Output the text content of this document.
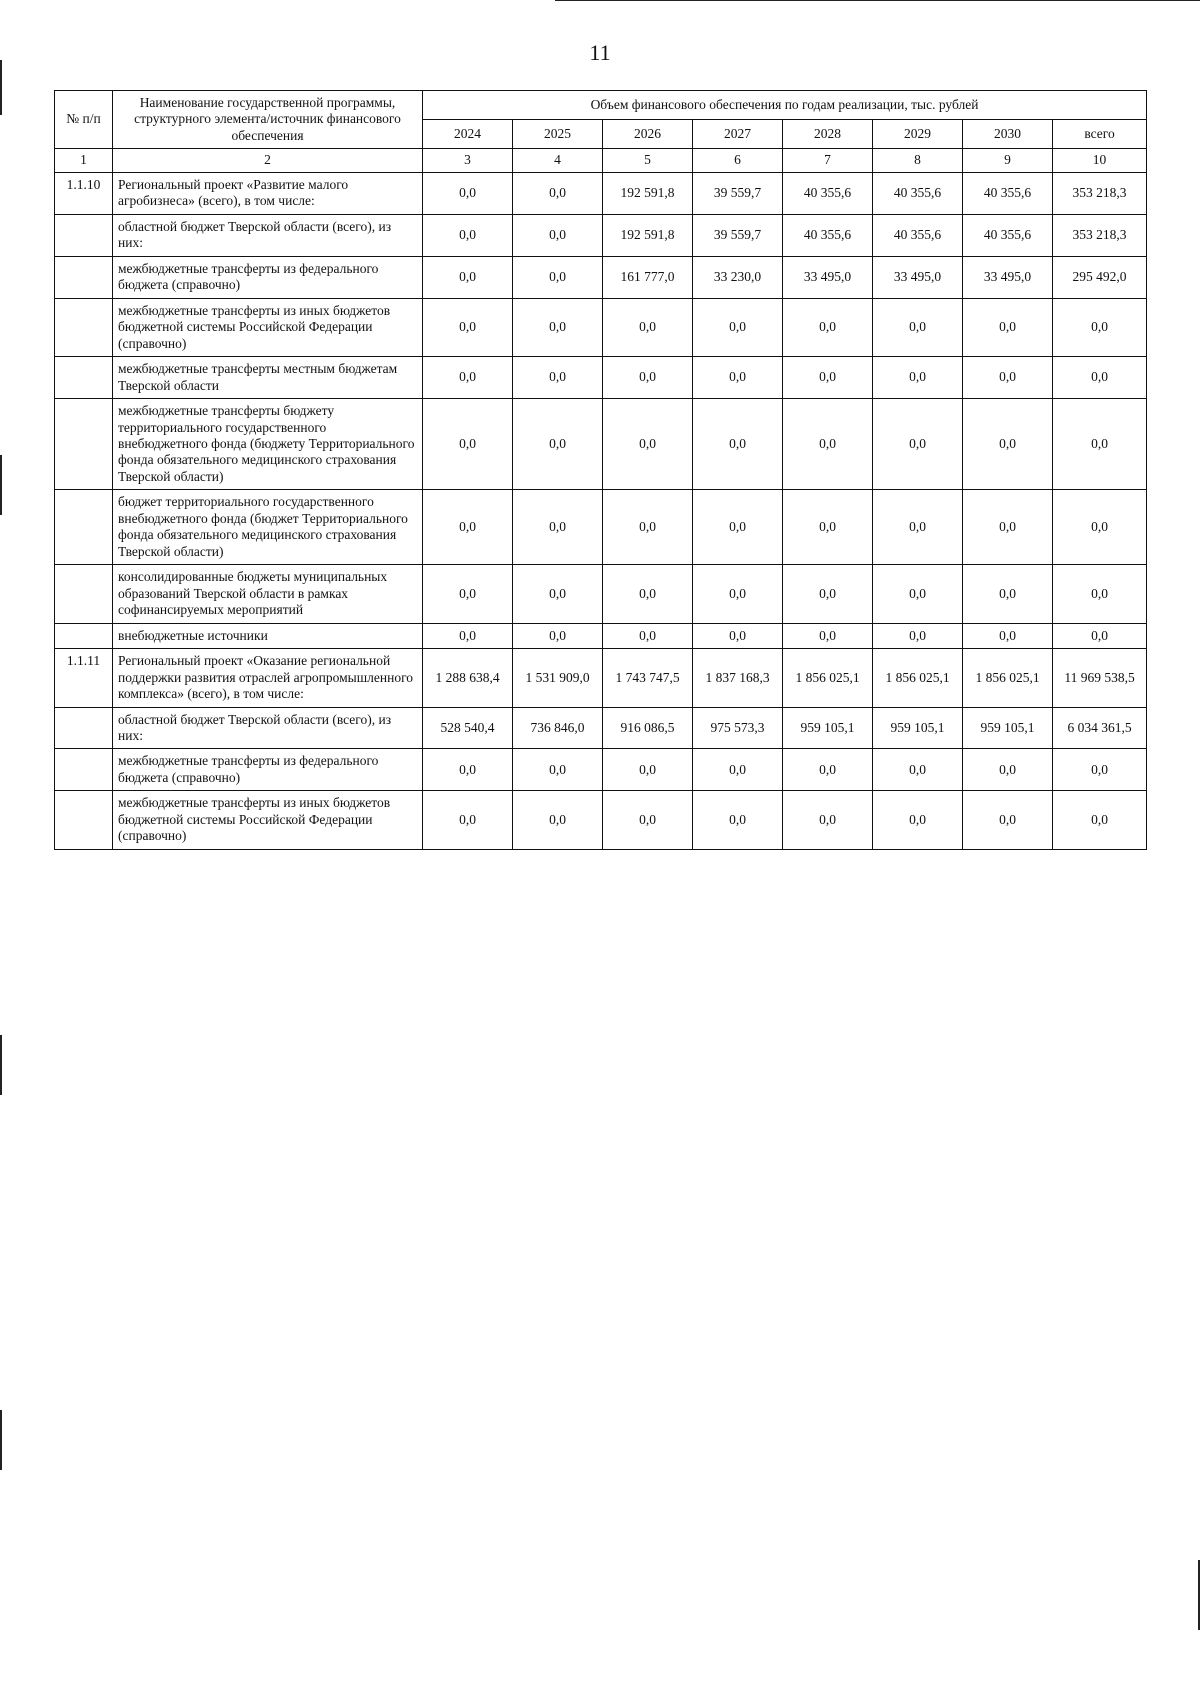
11
№ п/п	Наименование государственной программы, структурного элемента/источник финансового обеспечения	Объем финансового обеспечения по годам реализации, тыс. рублей							
		2024	2025	2026	2027	2028	2029	2030	всего
1	2	3	4	5	6	7	8	9	10
1.1.10	Региональный проект «Развитие малого агробизнеса» (всего), в том числе:	0,0	0,0	192 591,8	39 559,7	40 355,6	40 355,6	40 355,6	353 218,3
	областной бюджет Тверской области (всего), из них:	0,0	0,0	192 591,8	39 559,7	40 355,6	40 355,6	40 355,6	353 218,3
	межбюджетные трансферты из федерального бюджета (справочно)	0,0	0,0	161 777,0	33 230,0	33 495,0	33 495,0	33 495,0	295 492,0
	межбюджетные трансферты из иных бюджетов бюджетной системы Российской Федерации (справочно)	0,0	0,0	0,0	0,0	0,0	0,0	0,0	0,0
	межбюджетные трансферты местным бюджетам Тверской области	0,0	0,0	0,0	0,0	0,0	0,0	0,0	0,0
	межбюджетные трансферты бюджету территориального государственного внебюджетного фонда (бюджету Территориального фонда обязательного медицинского страхования Тверской области)	0,0	0,0	0,0	0,0	0,0	0,0	0,0	0,0
	бюджет территориального государственного внебюджетного фонда (бюджет Территориального фонда обязательного медицинского страхования Тверской области)	0,0	0,0	0,0	0,0	0,0	0,0	0,0	0,0
	консолидированные бюджеты муниципальных образований Тверской области в рамках софинансируемых мероприятий	0,0	0,0	0,0	0,0	0,0	0,0	0,0	0,0
	внебюджетные источники	0,0	0,0	0,0	0,0	0,0	0,0	0,0	0,0
1.1.11	Региональный проект «Оказание региональной поддержки развития отраслей агропромышленного комплекса» (всего), в том числе:	1 288 638,4	1 531 909,0	1 743 747,5	1 837 168,3	1 856 025,1	1 856 025,1	1 856 025,1	11 969 538,5
	областной бюджет Тверской области (всего), из них:	528 540,4	736 846,0	916 086,5	975 573,3	959 105,1	959 105,1	959 105,1	6 034 361,5
	межбюджетные трансферты из федерального бюджета (справочно)	0,0	0,0	0,0	0,0	0,0	0,0	0,0	0,0
	межбюджетные трансферты из иных бюджетов бюджетной системы Российской Федерации (справочно)	0,0	0,0	0,0	0,0	0,0	0,0	0,0	0,0
